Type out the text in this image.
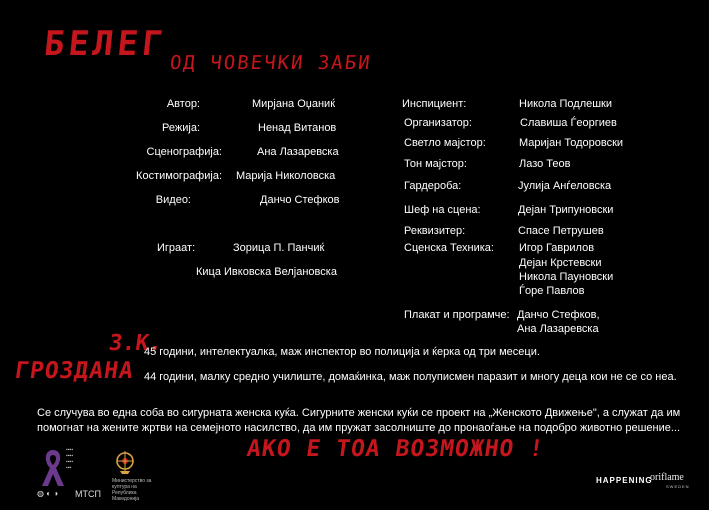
БЕЛЕГ ОД ЧОВЕЧКИ ЗАБИ
Автор:	Мирјана Оџаниќ
Режија:	Ненад Витанов
Сценографија:	Ана Лазаревска
Костимографија: Марија Николовска
Видео:	Данчо Стефков
Играат:	Зорица П. Панчиќ
Кица Ивковска Велјановска
Инспициент:	Никола Подлешки
Организатор:	Славиша Ѓеоргиев
Светло мајстор:	Маријан Тодоровски
Тон мајстор:	Лазо Теов
Гардероба:	Јулија Анѓеловска
Шеф на сцена:	Дејан Трипуновски
Реквизитер:	Спасе Петрушев
Сценска Техника: Игор Гаврилов
Дејан Крстевски
Никола Пауновски
Ѓоре Павлов
Плакат и програмче: Данчо Стефков,
Ана Лазаревска
З.К.
45 години, интелектуалка, маж инспектор во полиција и ќерка од три месеци.
ГРОЗДАНА 44 години, малку средно училиште, домаќинка, маж полуписмен паразит и многу деца кои не се со неа.
Се случува во една соба во сигурната женска куќа. Сигурните женски куќи се проект на „Женското Движење", а служат да им
помогнат на жените жртви на семејното насилство, да им пружат засолниште до пронаоѓање на подобро животно решение...
АКО Е ТОА ВОЗМОЖНО !
▪▪▪▪
▪▪▪▪
▪▪▪▪
▪▪▪
◍ ◐ ◑ МТСП
Министерство за култура на Република Македонија
HAPPENING
oriflame
SWEDEN
